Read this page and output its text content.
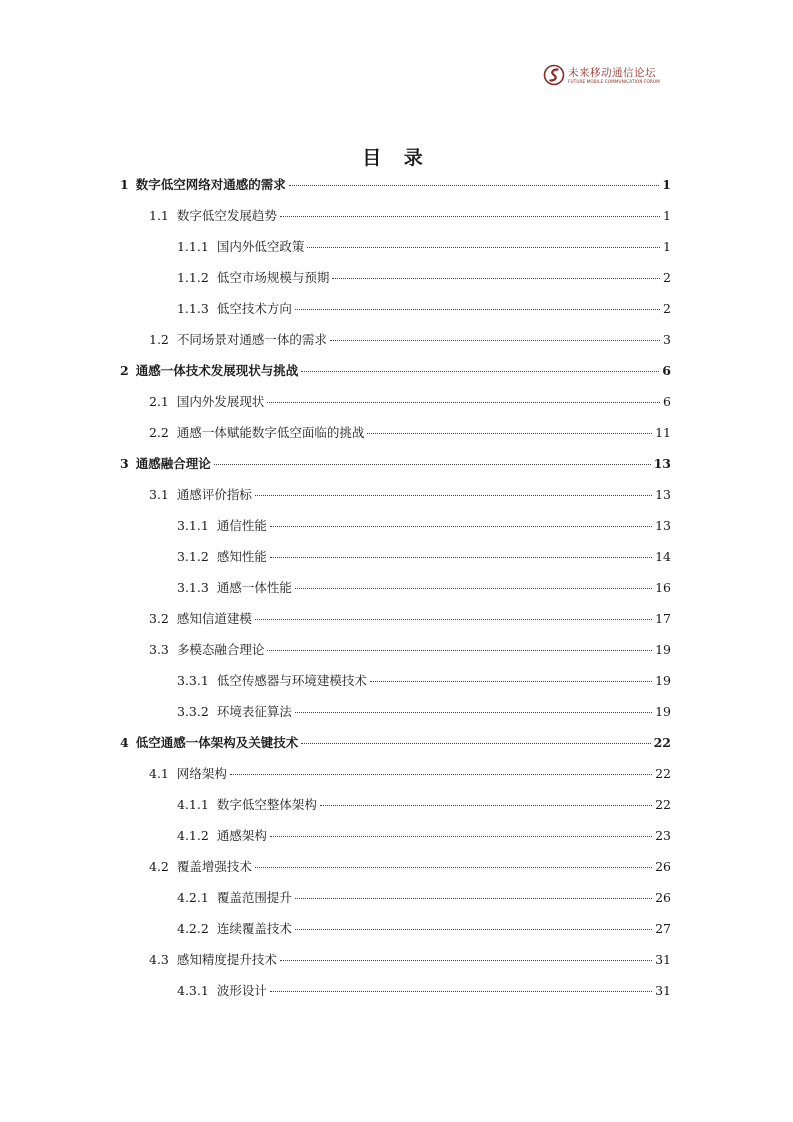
未来移动通信论坛
FUTURE MOBILE COMMUNICATION FORUM
目 录
1 数字低空网络对通感的需求	1
1.1 数字低空发展趋势	1
1.1.1 国内外低空政策	1
1.1.2 低空市场规模与预期	2
1.1.3 低空技术方向	2
1.2 不同场景对通感一体的需求	3
2 通感一体技术发展现状与挑战	6
2.1 国内外发展现状	6
2.2 通感一体赋能数字低空面临的挑战	11
3 通感融合理论	13
3.1 通感评价指标	13
3.1.1 通信性能	13
3.1.2 感知性能	14
3.1.3 通感一体性能	16
3.2 感知信道建模	17
3.3 多模态融合理论	19
3.3.1 低空传感器与环境建模技术	19
3.3.2 环境表征算法	19
4 低空通感一体架构及关键技术	22
4.1 网络架构	22
4.1.1 数字低空整体架构	22
4.1.2 通感架构	23
4.2 覆盖增强技术	26
4.2.1 覆盖范围提升	26
4.2.2 连续覆盖技术	27
4.3 感知精度提升技术	31
4.3.1 波形设计	31
